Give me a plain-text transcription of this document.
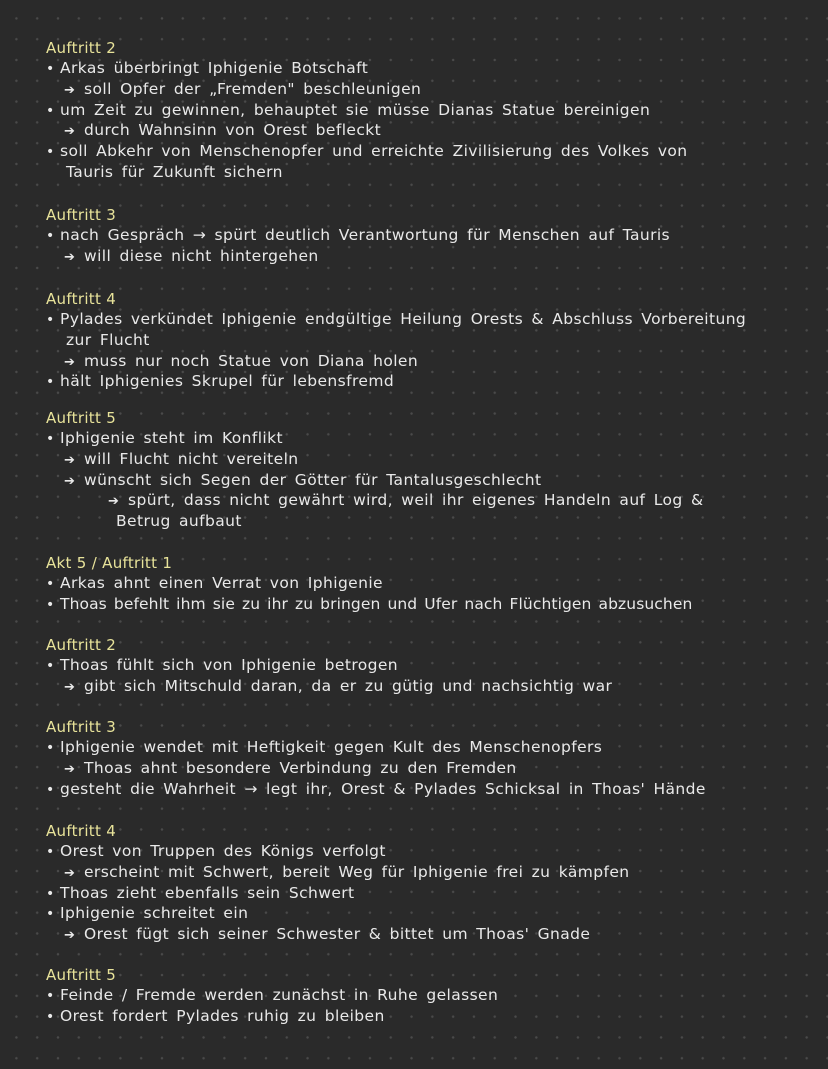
Auftritt 2
• Arkas überbringt Iphigenie Botschaft
➔ soll Opfer der „Fremden" beschleunigen
• um Zeit zu gewinnen, behauptet sie müsse Dianas Statue bereinigen
➔ durch Wahnsinn von Orest befleckt
• soll Abkehr von Menschenopfer und erreichte Zivilisierung des Volkes von
Tauris für Zukunft sichern
Auftritt 3
• nach Gespräch → spürt deutlich Verantwortung für Menschen auf Tauris
➔ will diese nicht hintergehen
Auftritt 4
• Pylades verkündet Iphigenie endgültige Heilung Orests & Abschluss Vorbereitung
zur Flucht
➔ muss nur noch Statue von Diana holen
• hält Iphigenies Skrupel für lebensfremd
Auftritt 5
• Iphigenie steht im Konflikt
➔ will Flucht nicht vereiteln
➔ wünscht sich Segen der Götter für Tantalusgeschlecht
➔ spürt, dass nicht gewährt wird, weil ihr eigenes Handeln auf Log &
Betrug aufbaut
Akt 5 / Auftritt 1
• Arkas ahnt einen Verrat von Iphigenie
• Thoas befehlt ihm sie zu ihr zu bringen und Ufer nach Flüchtigen abzusuchen
Auftritt 2
• Thoas fühlt sich von Iphigenie betrogen
➔ gibt sich Mitschuld daran, da er zu gütig und nachsichtig war
Auftritt 3
• Iphigenie wendet mit Heftigkeit gegen Kult des Menschenopfers
➔ Thoas ahnt besondere Verbindung zu den Fremden
• gesteht die Wahrheit → legt ihr, Orest & Pylades Schicksal in Thoas' Hände
Auftritt 4
• Orest von Truppen des Königs verfolgt
➔ erscheint mit Schwert, bereit Weg für Iphigenie frei zu kämpfen
• Thoas zieht ebenfalls sein Schwert
• Iphigenie schreitet ein
➔ Orest fügt sich seiner Schwester & bittet um Thoas' Gnade
Auftritt 5
• Feinde / Fremde werden zunächst in Ruhe gelassen
• Orest fordert Pylades ruhig zu bleiben
